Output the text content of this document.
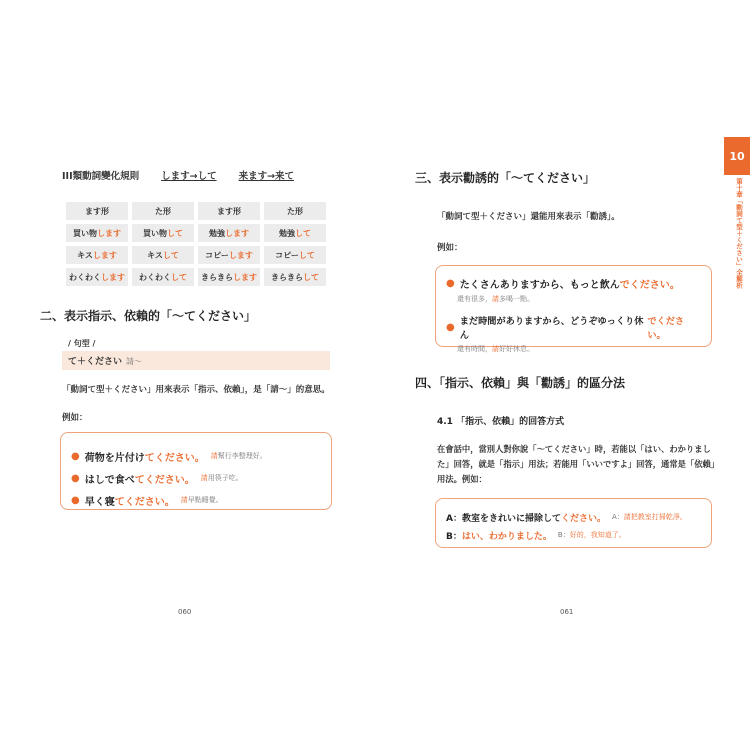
III類動詞變化規則 します→して 来ます→来て
ます形	た形	ます形	た形
買い物します	買い物して	勉強します	勉強して
キスします	キスして	コピーします	コピーして
わくわくします	わくわくして	きらきらします	きらきらして
二、表示指示、依賴的「〜てください」
/ 句型 /
て＋ください 請〜
「動詞て型＋ください」用來表示「指示、依賴」，是「請〜」的意思。
例如：
● 荷物を片付け てください。 請幫行李整理好。
● はしで食べ てください。 請用筷子吃。
● 早く寝 てください。 請早點睡覺。
060
10
第十章「動詞て型＋ください」全解析
三、表示勸誘的「〜てください」
「動詞て型＋ください」還能用來表示「勸誘」。
例如：
● たくさんありますから、もっと飲ん でください。
還有很多，請多喝一點。
● まだ時間がありますから、どうぞゆっくり休ん
でください。
還有時間，請好好休息。
四、「指示、依賴」與「勸誘」的區分法
4.1 「指示、依賴」的回答方式
在會話中，當別人對你說「〜てください」時，若能以「はい、わかりました」回答，就是「指示」用法；若能用「いいですよ」回答，通常是「依賴」用法。例如：
A： 教室をきれいに掃除して ください。 A：請把教室打掃乾淨。
B： はい、わかりました。 B：好的，我知道了。
061
